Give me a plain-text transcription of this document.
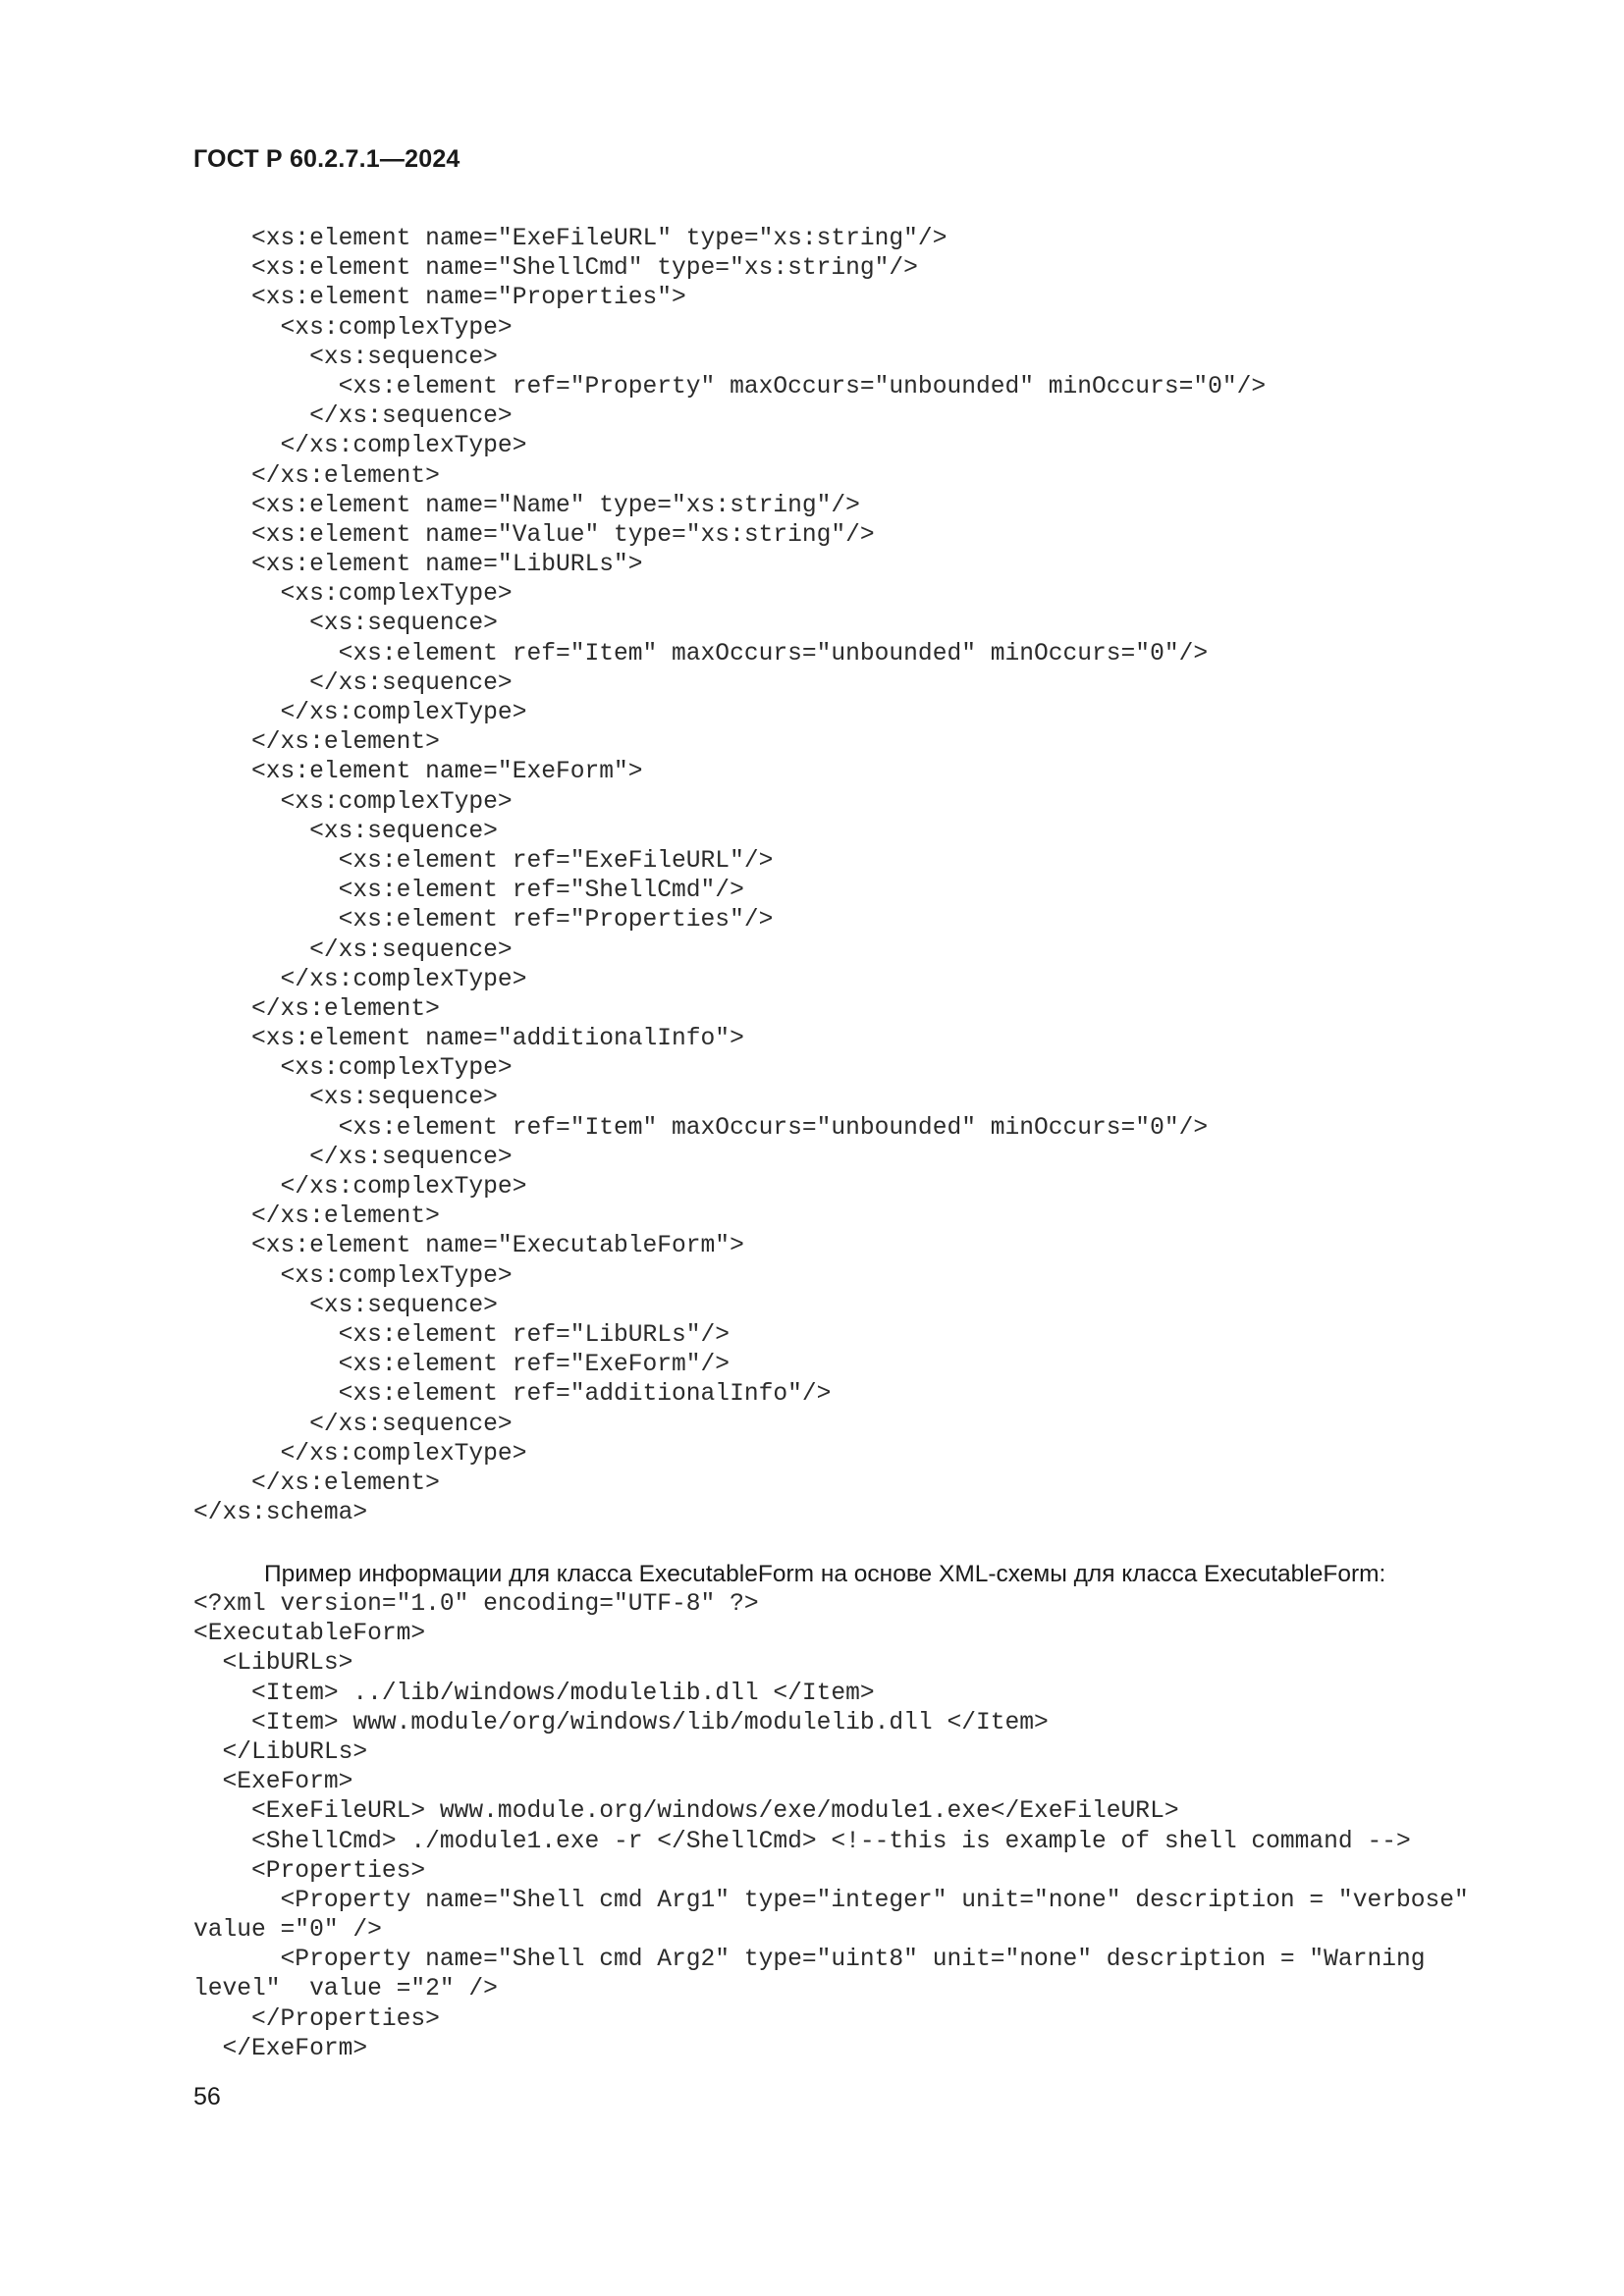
ГОСТ Р 60.2.7.1—2024
<xs:element name="ExeFileURL" type="xs:string"/>
<xs:element name="ShellCmd" type="xs:string"/>
<xs:element name="Properties">
<xs:complexType>
<xs:sequence>
<xs:element ref="Property" maxOccurs="unbounded" minOccurs="0"/>
</xs:sequence>
</xs:complexType>
</xs:element>
<xs:element name="Name" type="xs:string"/>
<xs:element name="Value" type="xs:string"/>
<xs:element name="LibURLs">
<xs:complexType>
<xs:sequence>
<xs:element ref="Item" maxOccurs="unbounded" minOccurs="0"/>
</xs:sequence>
</xs:complexType>
</xs:element>
<xs:element name="ExeForm">
<xs:complexType>
<xs:sequence>
<xs:element ref="ExeFileURL"/>
<xs:element ref="ShellCmd"/>
<xs:element ref="Properties"/>
</xs:sequence>
</xs:complexType>
</xs:element>
<xs:element name="additionalInfo">
<xs:complexType>
<xs:sequence>
<xs:element ref="Item" maxOccurs="unbounded" minOccurs="0"/>
</xs:sequence>
</xs:complexType>
</xs:element>
<xs:element name="ExecutableForm">
<xs:complexType>
<xs:sequence>
<xs:element ref="LibURLs"/>
<xs:element ref="ExeForm"/>
<xs:element ref="additionalInfo"/>
</xs:sequence>
</xs:complexType>
</xs:element>
</xs:schema>
Пример информации для класса ExecutableForm на основе XML-схемы для класса ExecutableForm:
<?xml version="1.0" encoding="UTF-8" ?>
<ExecutableForm>
<LibURLs>
<Item> ../lib/windows/modulelib.dll </Item>
<Item> www.module/org/windows/lib/modulelib.dll </Item>
</LibURLs>
<ExeForm>
<ExeFileURL> www.module.org/windows/exe/module1.exe</ExeFileURL>
<ShellCmd> ./module1.exe -r </ShellCmd> <!--this is example of shell command -->
<Properties>
<Property name="Shell cmd Arg1" type="integer" unit="none" description = "verbose"
value ="0" />
<Property name="Shell cmd Arg2" type="uint8" unit="none" description = "Warning
level"  value ="2" />
</Properties>
</ExeForm>
56
